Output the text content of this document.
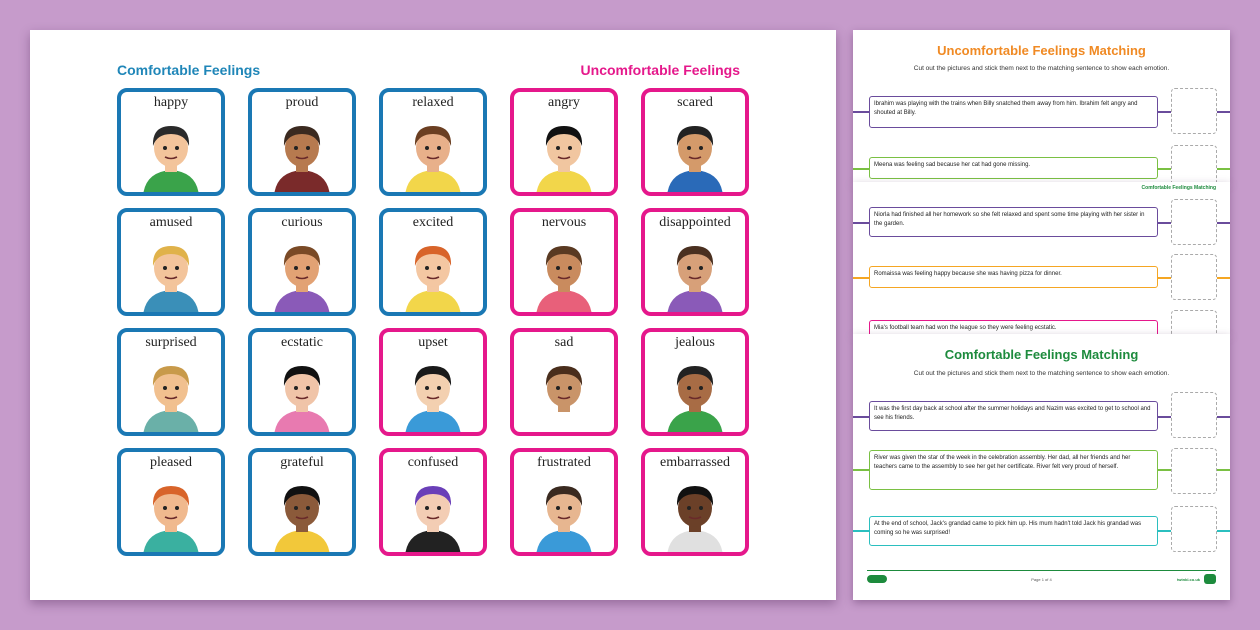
Comfortable Feelings	Uncomfortable Feelings
happy	proud	relaxed	angry	scared
amused	curious	excited	nervous	disappointed
surprised	ecstatic	upset	sad	jealous
pleased	grateful	confused	frustrated	embarrassed
Uncomfortable Feelings Matching
Cut out the pictures and stick them next to the matching sentence to show each emotion.
Ibrahim was playing with the trains when Billy snatched them away from him. Ibrahim felt angry and shouted at Billy.
Meena was feeling sad because her cat had gone missing.
Comfortable Feelings Matching
Niorla had finished all her homework so she felt relaxed and spent some time playing with her sister in the garden.
Romaissa was feeling happy because she was having pizza for dinner.
Mia's football team had won the league so they were feeling ecstatic.
Comfortable Feelings Matching
Cut out the pictures and stick them next to the matching sentence to show each emotion.
It was the first day back at school after the summer holidays and Nazim was excited to get to school and see his friends.
River was given the star of the week in the celebration assembly. Her dad, all her friends and her teachers came to the assembly to see her get her certificate. River felt very proud of herself.
At the end of school, Jack's grandad came to pick him up. His mum hadn't told Jack his grandad was coming so he was surprised!
Page 1 of 4	twinkl.co.uk
